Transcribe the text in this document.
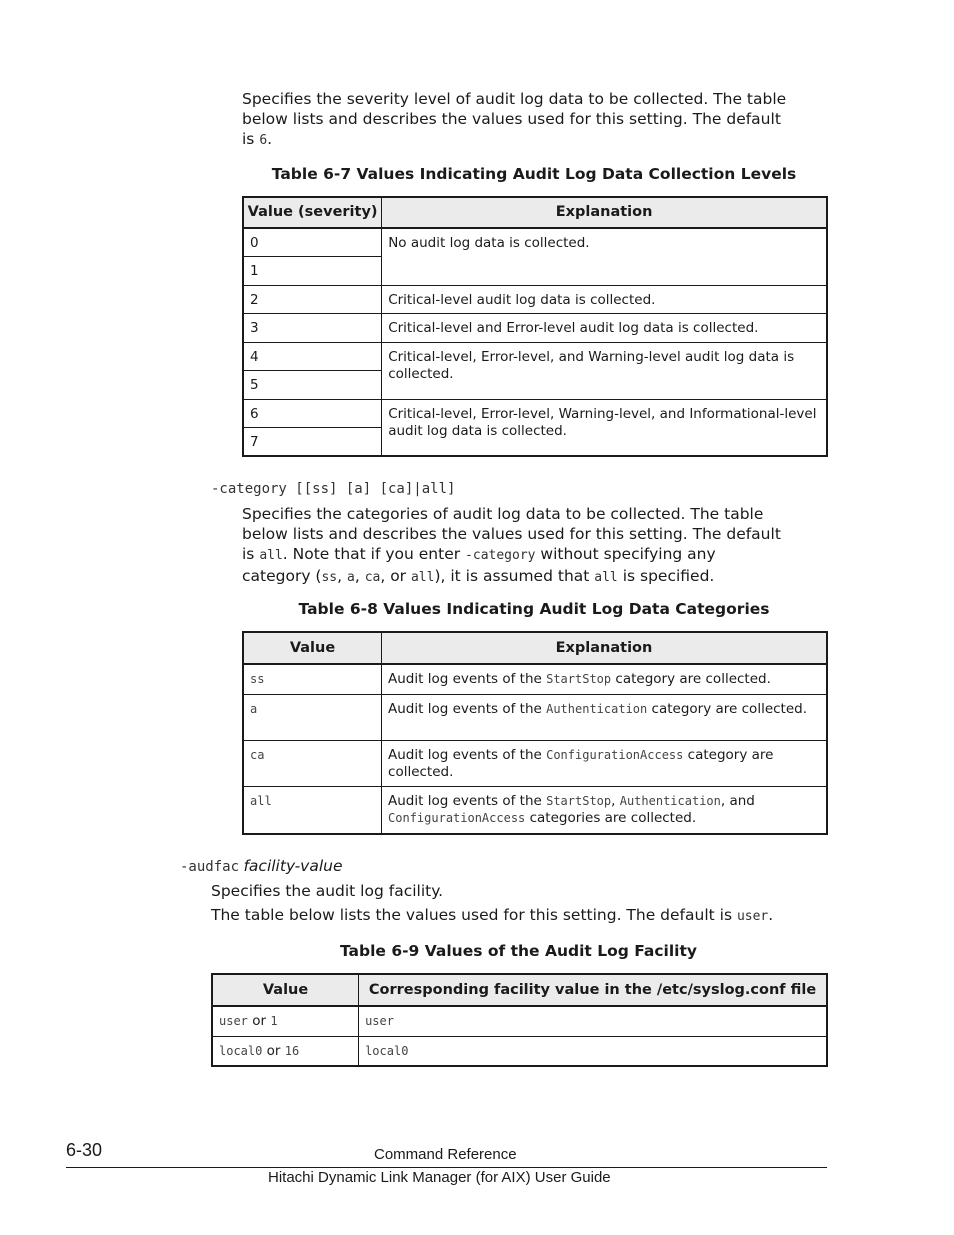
Specifies the severity level of audit log data to be collected. The table

below lists and describes the values used for this setting. The default

is 6.

Table 6-7 Values Indicating Audit Log Data Collection Levels

Value (severity)	Explanation

0	No audit log data is collected.

1	

2	Critical-level audit log data is collected.

3	Critical-level and Error-level audit log data is collected.

4	Critical-level, Error-level, and Warning-level audit log data is collected.

5	

6	Critical-level, Error-level, Warning-level, and Informational-level audit log data is collected.

7	
-category [[ss] [a] [ca]|all]

Specifies the categories of audit log data to be collected. The table

below lists and describes the values used for this setting. The default

is all. Note that if you enter -category without specifying any

category (ss, a, ca, or all), it is assumed that all is specified.

Table 6-8 Values Indicating Audit Log Data Categories

Value	Explanation

ss	Audit log events of the StartStop category are collected.

a	Audit log events of the Authentication category are collected.

ca	Audit log events of the ConfigurationAccess category are collected.

all	Audit log events of the StartStop, Authentication, and ConfigurationAccess categories are collected.
-audfac facility-value

Specifies the audit log facility.

The table below lists the values used for this setting. The default is user.

Table 6-9 Values of the Audit Log Facility

Value	Corresponding facility value in the /etc/syslog.conf file

user or 1	user

local0 or 16	local0
6-30	Command Reference
Hitachi Dynamic Link Manager (for AIX) User Guide
